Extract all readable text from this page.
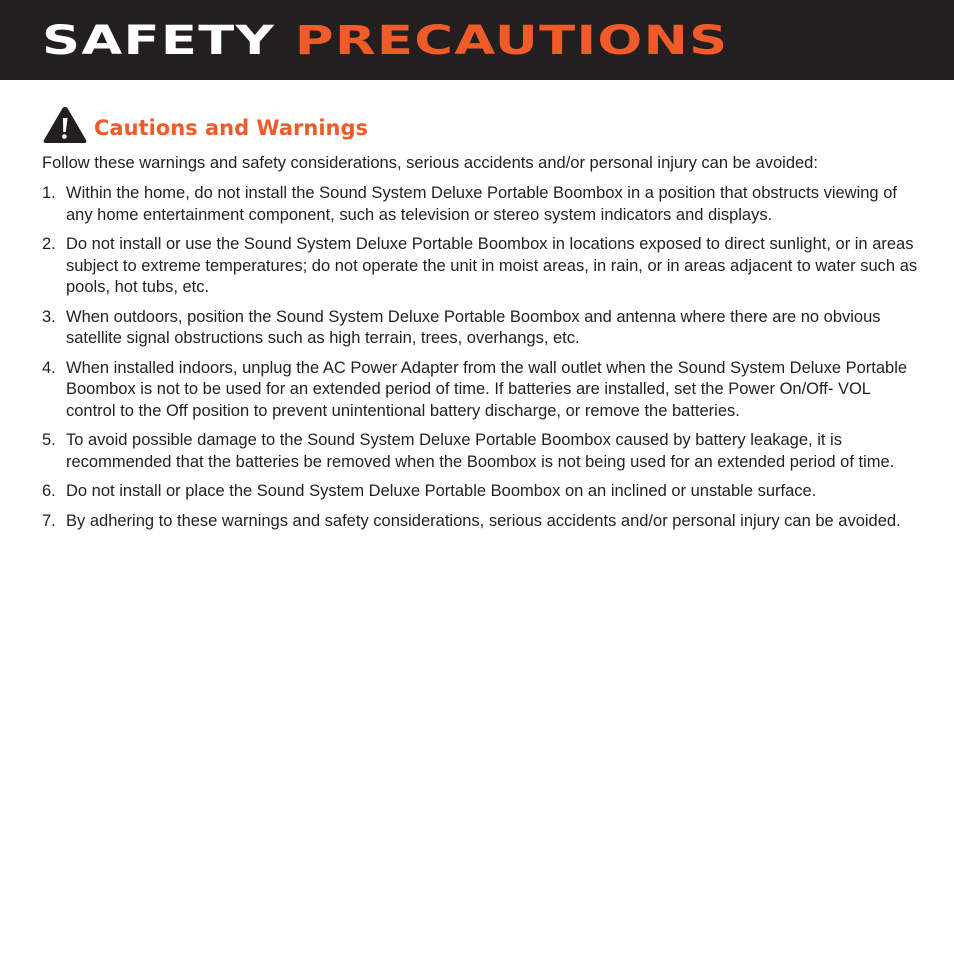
SAFETY PRECAUTIONS
Cautions and Warnings

Follow these warnings and safety considerations, serious accidents and/or personal injury can be avoided:

1. Within the home, do not install the Sound System Deluxe Portable Boombox in a position that obstructs viewing of any home entertainment component, such as television or stereo system indicators and displays.
2. Do not install or use the Sound System Deluxe Portable Boombox in locations exposed to direct sunlight, or in areas subject to extreme temperatures; do not operate the unit in moist areas, in rain, or in areas adjacent to water such as pools, hot tubs, etc.
3. When outdoors, position the Sound System Deluxe Portable Boombox and antenna where there are no obvious satellite signal obstructions such as high terrain, trees, overhangs, etc.
4. When installed indoors, unplug the AC Power Adapter from the wall outlet when the Sound System Deluxe Portable Boombox is not to be used for an extended period of time. If batteries are installed, set the Power On/Off- VOL control to the Off position to prevent unintentional battery discharge, or remove the batteries.
5. To avoid possible damage to the Sound System Deluxe Portable Boombox caused by battery leakage, it is recommended that the batteries be removed when the Boombox is not being used for an extended period of time.
6. Do not install or place the Sound System Deluxe Portable Boombox on an inclined or unstable surface.
7. By adhering to these warnings and safety considerations, serious accidents and/or personal injury can be avoided.
